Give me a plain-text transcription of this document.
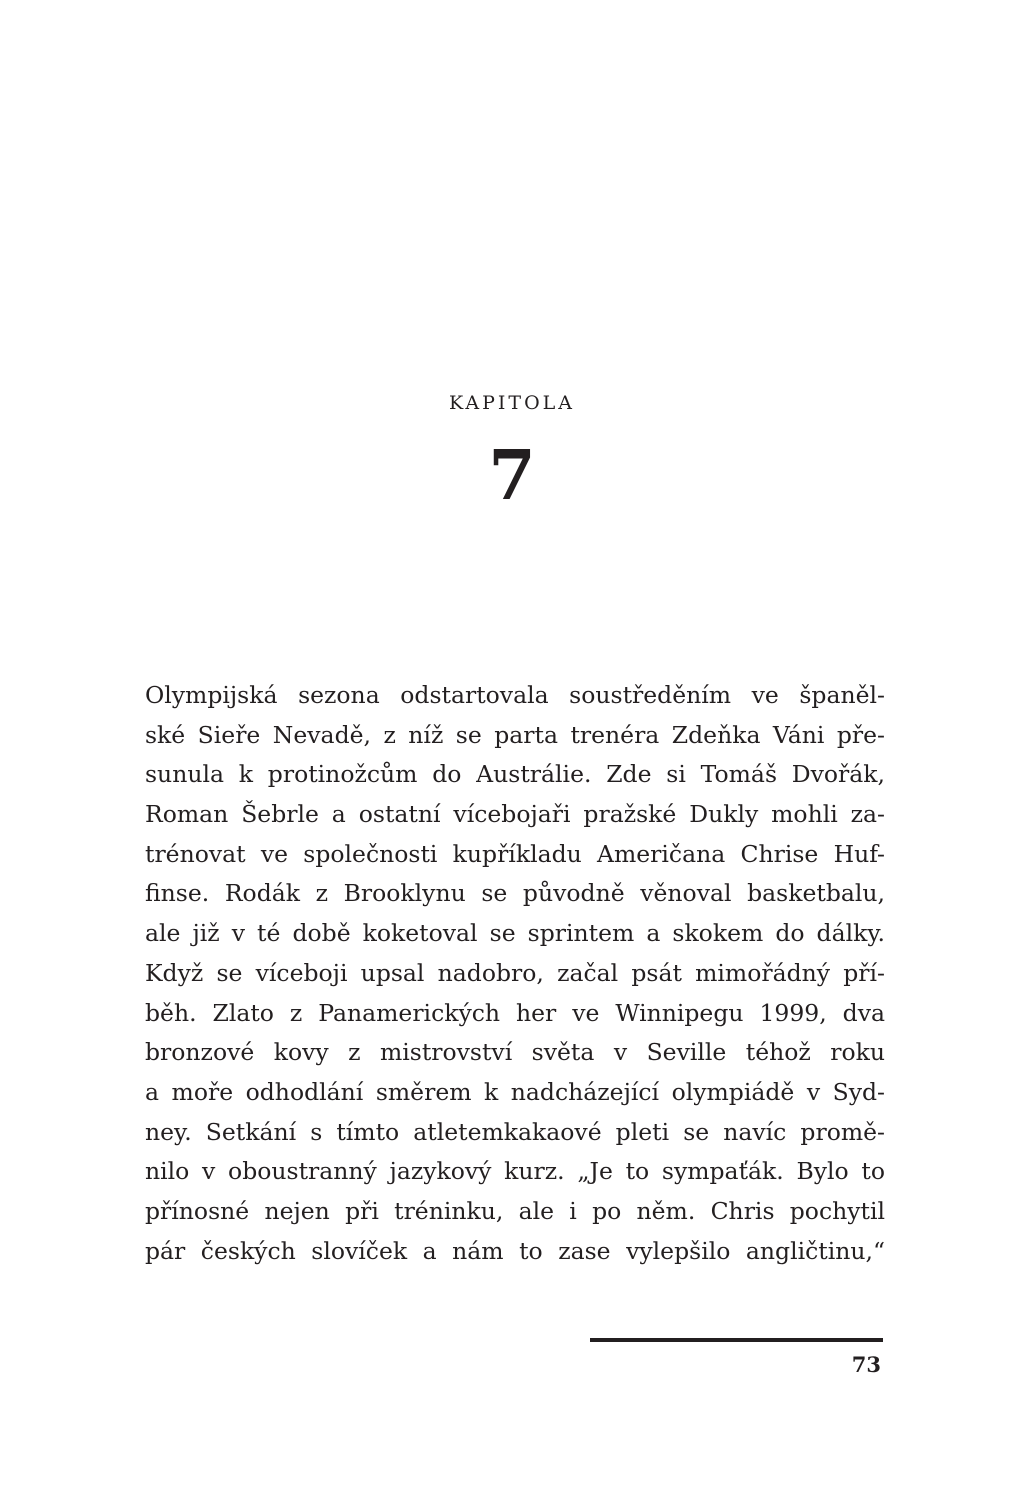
KAPITOLA
7
Olympijská sezona odstartovala soustředěním ve španěl-
ské Sieře Nevadě, z níž se parta trenéra Zdeňka Váni pře-
sunula k protinožcům do Austrálie. Zde si Tomáš Dvořák,
Roman Šebrle a ostatní vícebojaři pražské Dukly mohli za-
trénovat ve společnosti kupříkladu Američana Chrise Huf-
finse. Rodák z Brooklynu se původně věnoval basketbalu,
ale již v té době koketoval se sprintem a skokem do dálky.
Když se víceboji upsal nadobro, začal psát mimořádný pří-
běh. Zlato z Panamerických her ve Winnipegu 1999, dva
bronzové kovy z mistrovství světa v Seville téhož roku
a moře odhodlání směrem k nadcházející olympiádě v Syd-
ney. Setkání s tímto atletemkakaové pleti se navíc promě-
nilo v oboustranný jazykový kurz. „Je to sympaťák. Bylo to
přínosné nejen při tréninku, ale i po něm. Chris pochytil
pár českých slovíček a nám to zase vylepšilo angličtinu,“
73
